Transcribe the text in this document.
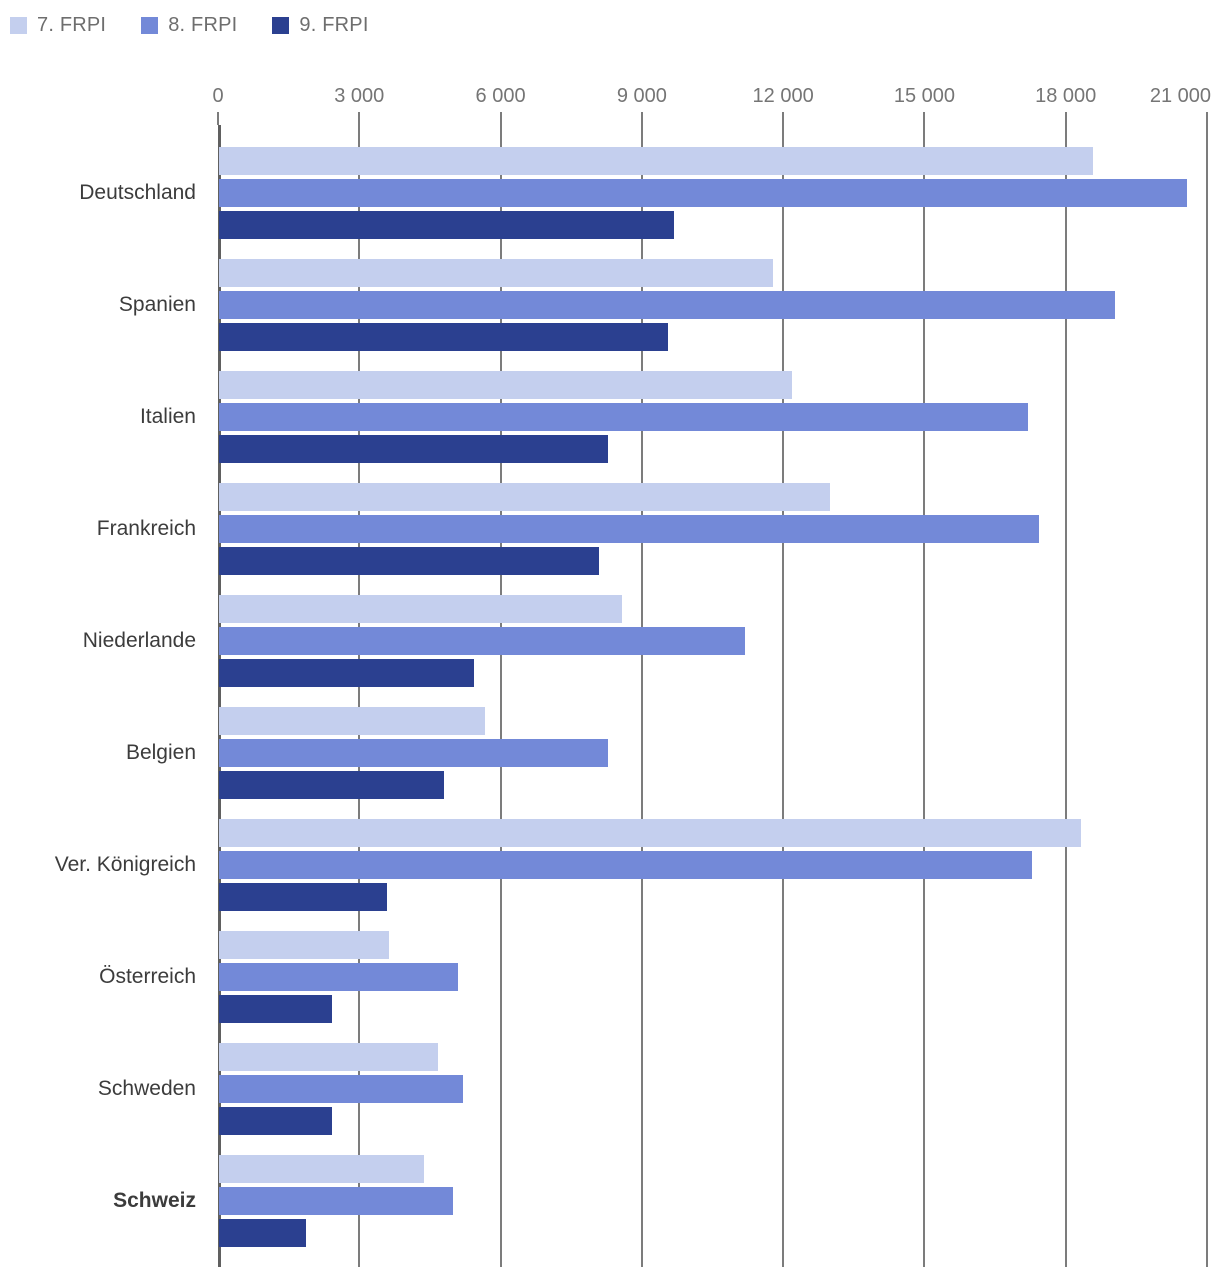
7. FRPI	8. FRPI	9. FRPI
0	3 000	6 000	9 000	12 000	15 000	18 000	21 000
Deutschland
Spanien
Italien
Frankreich
Niederlande
Belgien
Ver. Königreich
Österreich
Schweden
Schweiz
